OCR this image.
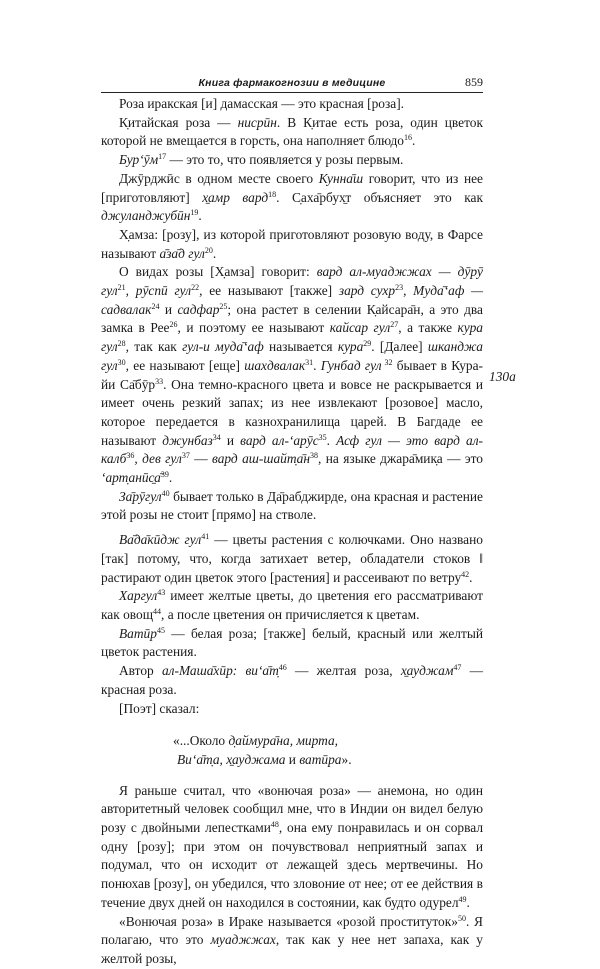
Книга фармакогнозии в медицине	859

Роза иракская [и] дамасская — это красная [роза].

К̣итайская роза — нисрӣн. В К̣итае есть роза, один цветок которой не вмещается в горсть, она наполняет блюдо$^{16}$.

$Бур‘ӯм^{17}$ — это то, что появляется у розы первым.

Джӯрджӣс в одном месте своего Кунна̄ш говорит, что из нее [приготовляют] х̱амр вард$^{18}$. С̣аха̄рбух̱т объясняет это как джуланджубӣн$^{19}$.

Х̣амза: [розу], из которой приготовляют розовую воду, в Фарсе называют а̄за̄д гул$^{20}$.

О видах розы [Х̣амза] говорит: вард ал-муаджжах — дӯрӯ гул$^{21}$, рӯспӣ гул$^{22}$, ее называют [также] зард сухр$^{23}$, Муда̄‘аф — садвалак$^{24}$ и садфар$^{25}$; она растет в селении К̣айсара̄н, а это два замка в Рее$^{26}$, и поэтому ее называют кайсар гул$^{27}$, а также кура гул$^{28}$, так как гул-и муда̄‘аф называется кура$^{29}$. [Далее] шканджа гул$^{30}$, ее называют [еще] шахдвалак$^{31}$. Гунбад гул $^{32}$ бывает в Кура-йи Са̄бӯр$^{33}$. Она темно-красного цвета и вовсе не раскрывается и имеет очень резкий запах; из нее извлекают [розовое] масло, которое передается в казнохранилища царей. В Багдаде ее называют джунбаз$^{34}$ и вард ал-‘арӯс$^{35}$. Асф гул — это вард ал-калб$^{36}$, дев гул$^{37}$ — вард $аш-шайт̣а̄н^{38}$, на языке джара̄мик̣а — это ‘арт̣анӣс̱а̄$^{39}$.

За̄рӯгул$^{40}$ бывает только в Да̄рабджирде, она красная и растение этой розы не стоит [прямо] на стволе.

Ва̄да̄кӣдж гул$^{41}$ — цветы растения с колючками. Оно названо [так] потому, что, когда затихает ветер, обладатели стоков ‖ растирают один цветок этого [растения] и рассеивают по ветру$^{42}$.

Харгул$^{43}$ имеет желтые цветы, до цветения его рассматривают как овощ$^{44}$, а после цветения он причисляется к цветам.

Ватӣр$^{45}$ — белая роза; [также] белый, красный или желтый цветок растения.

Автор ал-Маша̄хӣр: ви‘а̄т̣$^{46}$ — желтая роза, х̱ауджам$^{47}$ — красная роза.

[Поэт] сказал:

«...Около д̣аймура̄на, мирта,
Ви‘а̄т̣а, х̱ауджама и ватӣра».

Я раньше считал, что «вонючая роза» — анемона, но один авторитетный человек сообщил мне, что в Индии он видел белую розу с двойными лепестками$^{48}$, она ему понравилась и он сорвал одну [розу]; при этом он почувствовал неприятный запах и подумал, что он исходит от лежащей здесь мертвечины. Но понюхав [розу], он убедился, что зловоние от нее; от ее действия в течение двух дней он находился в состоянии, как будто одурел$^{49}$.

«Вонючая роза» в Ираке называется «розой проституток»$^{50}$. Я полагаю, что это муаджжах, так как у нее нет запаха, как у желтой розы,

130а
